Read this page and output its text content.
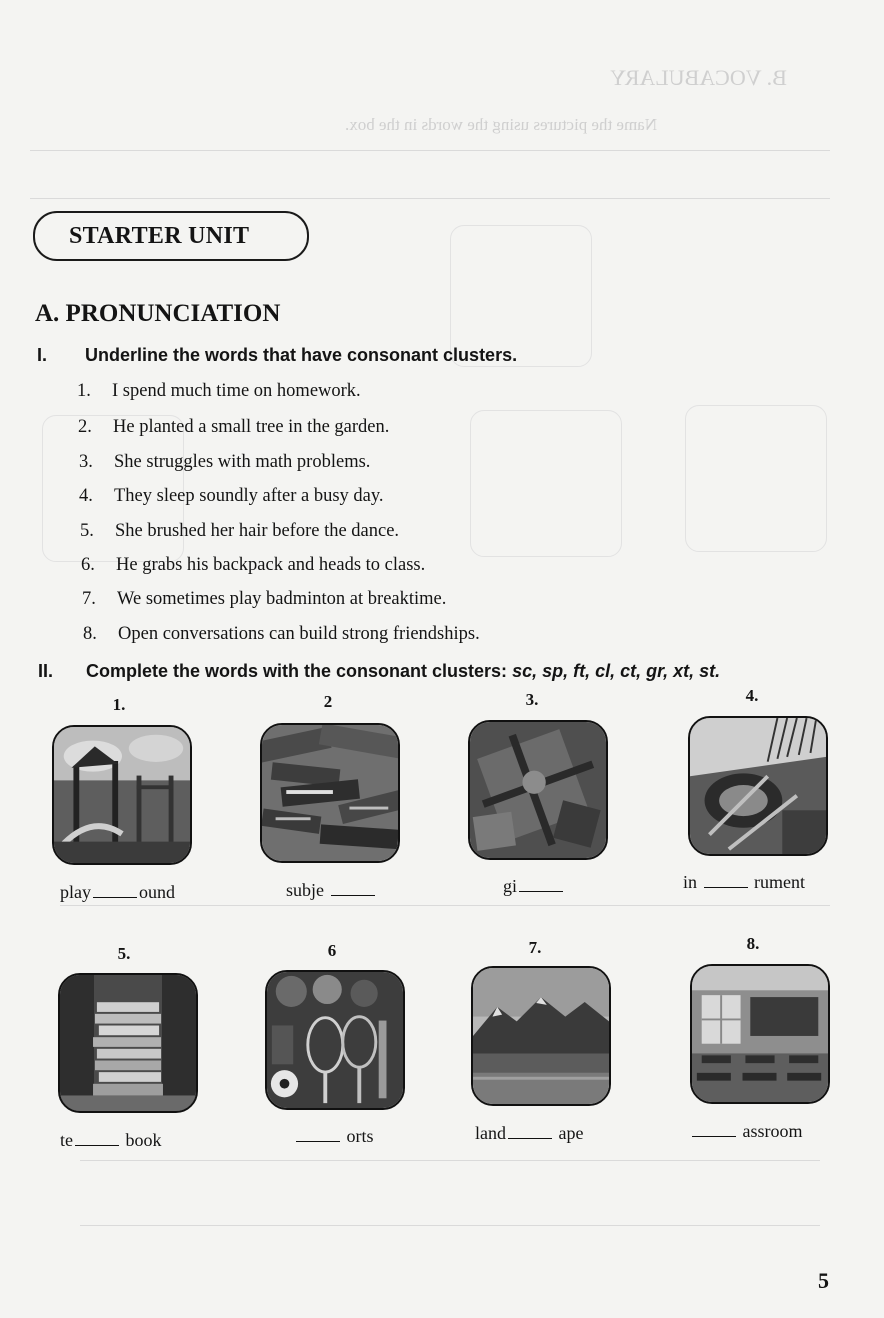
B. VOCABULARY
Name the pictures using the words in the box.
STARTER UNIT
A. PRONUNCIATION
I. Underline the words that have consonant clusters.
1. I spend much time on homework.
2. He planted a small tree in the garden.
3. She struggles with math problems.
4. They sleep soundly after a busy day.
5. She brushed her hair before the dance.
6. He grabs his backpack and heads to class.
7. We sometimes play badminton at breaktime.
8. Open conversations can build strong friendships.
II. Complete the words with the consonant clusters: sc, sp, ft, cl, ct, gr, xt, st.
1.	2	3.	4.
play	ound	subje	gi	in	rument
5.	6	7.	8.
te	book	orts	land	ape	assroom
5
